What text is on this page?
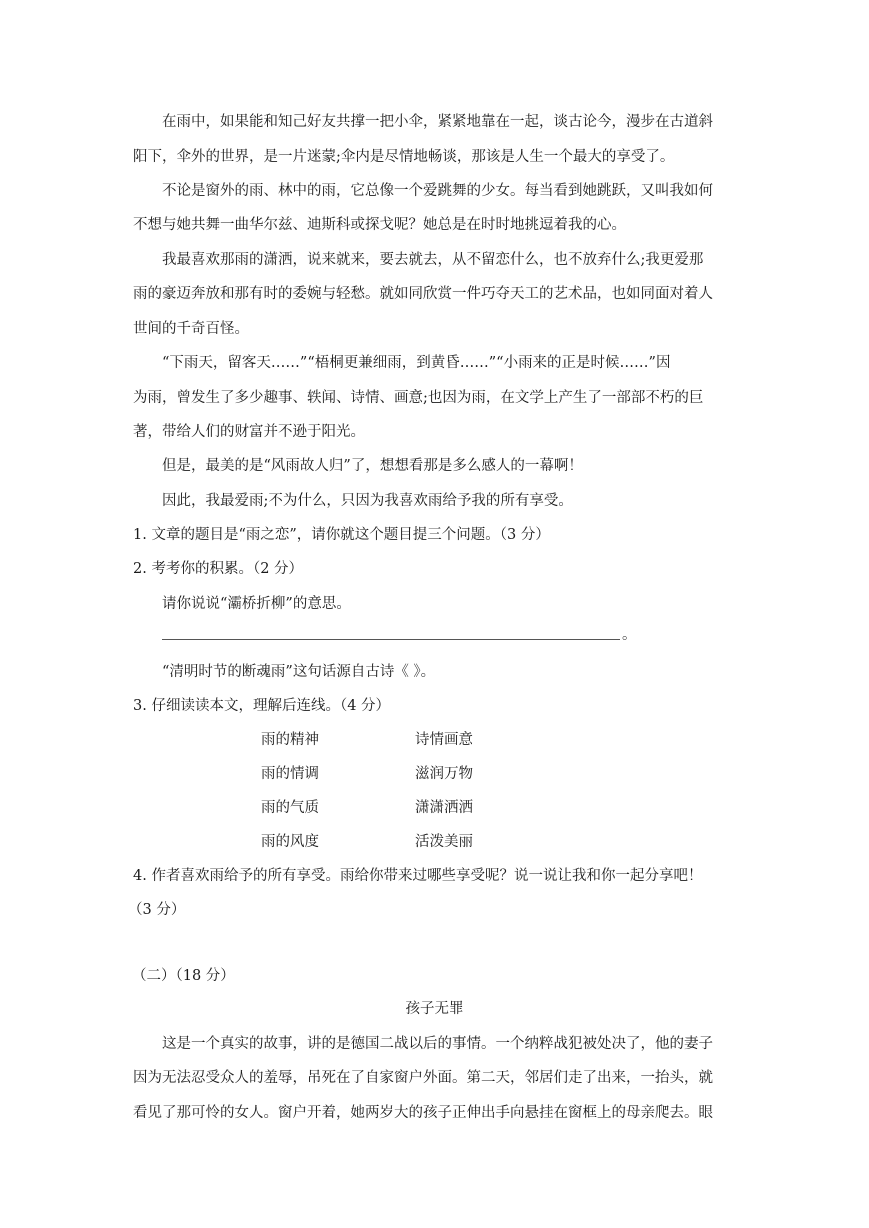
在雨中，如果能和知己好友共撑一把小伞，紧紧地靠在一起，谈古论今，漫步在古道斜
阳下，伞外的世界，是一片迷蒙;伞内是尽情地畅谈，那该是人生一个最大的享受了。
不论是窗外的雨、林中的雨，它总像一个爱跳舞的少女。每当看到她跳跃，又叫我如何
不想与她共舞一曲华尔兹、迪斯科或探戈呢？她总是在时时地挑逗着我的心。
我最喜欢那雨的潇洒，说来就来，要去就去，从不留恋什么，也不放弃什么;我更爱那
雨的豪迈奔放和那有时的委婉与轻愁。就如同欣赏一件巧夺天工的艺术品，也如同面对着人
世间的千奇百怪。
“下雨天，留客天……”“梧桐更兼细雨，到黄昏……”“小雨来的正是时候……”因
为雨，曾发生了多少趣事、轶闻、诗情、画意;也因为雨，在文学上产生了一部部不朽的巨
著，带给人们的财富并不逊于阳光。
但是，最美的是“风雨故人归”了，想想看那是多么感人的一幕啊！
因此，我最爱雨;不为什么，只因为我喜欢雨给予我的所有享受。
1. 文章的题目是“雨之恋”，请你就这个题目提三个问题。（3 分）
2. 考考你的积累。（2 分）
请你说说“灞桥折柳”的意思。
。
“清明时节的断魂雨”这句话源自古诗《 》。
3. 仔细读读本文，理解后连线。（4 分）
雨的精神	诗情画意
雨的情调	滋润万物
雨的气质	潇潇洒洒
雨的风度	活泼美丽
4. 作者喜欢雨给予的所有享受。雨给你带来过哪些享受呢？说一说让我和你一起分享吧！
（3 分）
（二）（18 分）
孩子无罪
这是一个真实的故事，讲的是德国二战以后的事情。一个纳粹战犯被处决了，他的妻子
因为无法忍受众人的羞辱，吊死在了自家窗户外面。第二天，邻居们走了出来，一抬头，就
看见了那可怜的女人。窗户开着，她两岁大的孩子正伸出手向悬挂在窗框上的母亲爬去。眼
